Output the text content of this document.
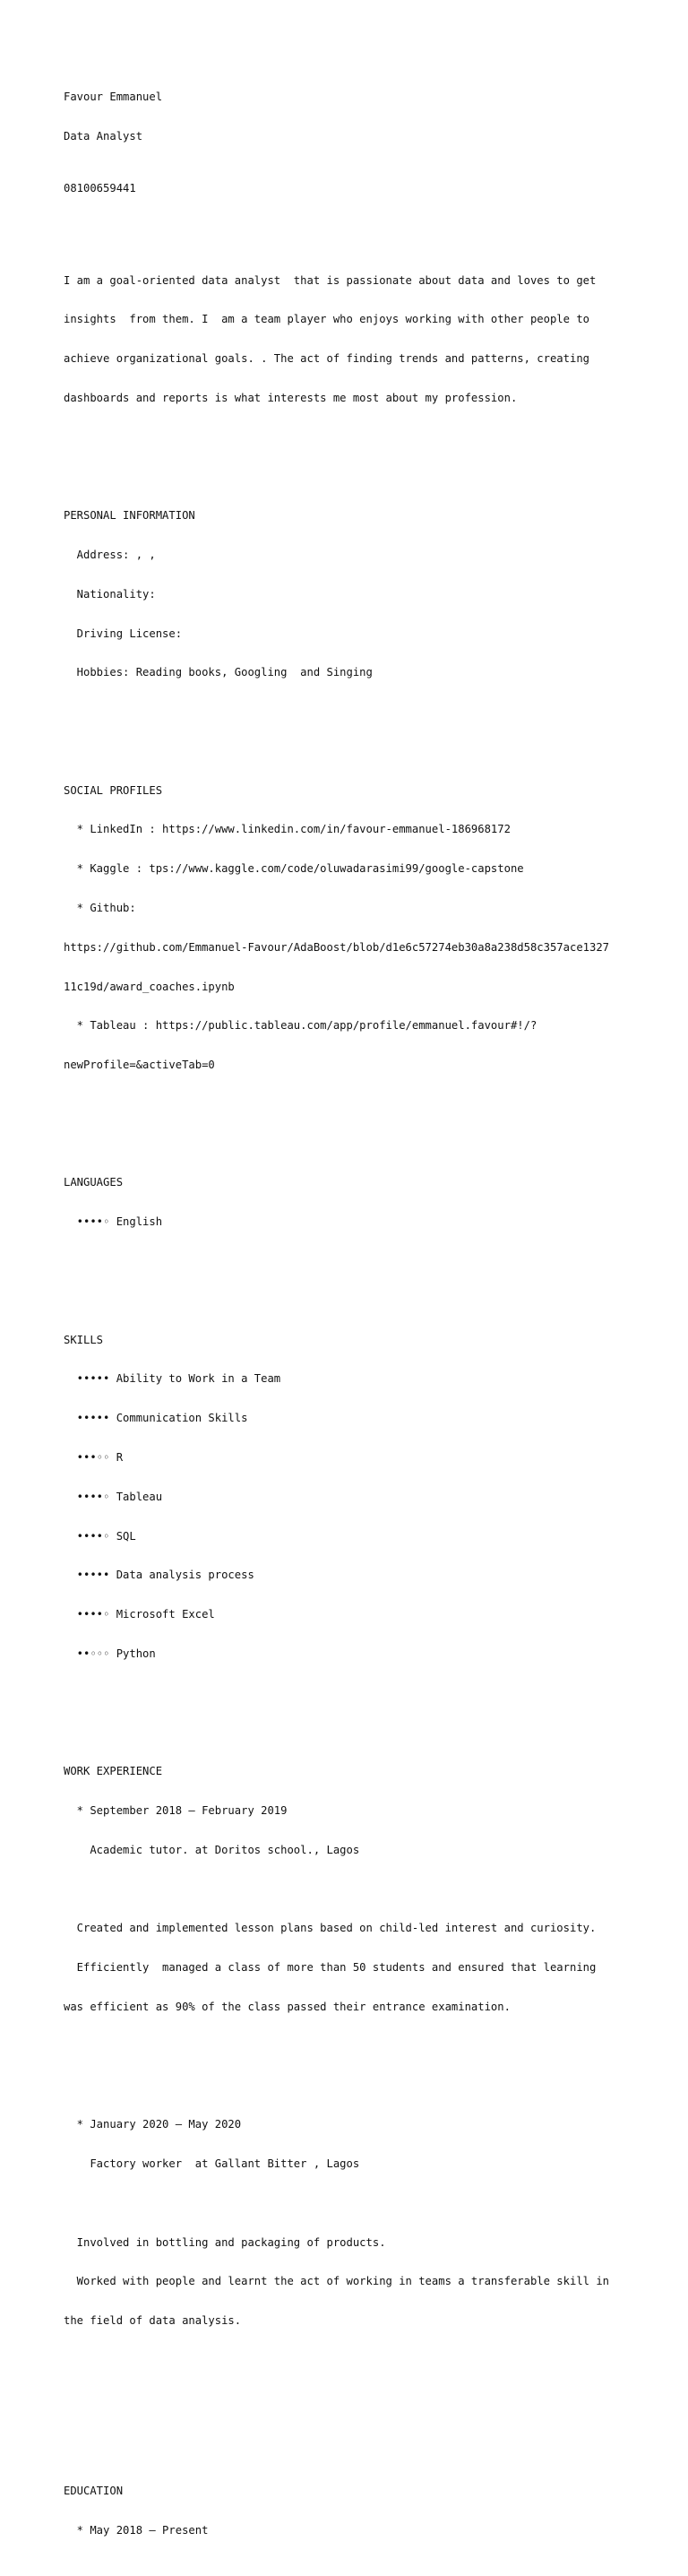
Favour Emmanuel

Data Analyst

08100659441

I am a goal-oriented data analyst  that is passionate about data and loves to get

insights  from them. I  am a team player who enjoys working with other people to

achieve organizational goals. . The act of finding trends and patterns, creating

dashboards and reports is what interests me most about my profession.

PERSONAL INFORMATION

Address: , ,

Nationality:

Driving License:

Hobbies: Reading books, Googling  and Singing

SOCIAL PROFILES

* LinkedIn : https://www.linkedin.com/in/favour-emmanuel-186968172

* Kaggle : tps://www.kaggle.com/code/oluwadarasimi99/google-capstone

* Github:

https://github.com/Emmanuel-Favour/AdaBoost/blob/d1e6c57274eb30a8a238d58c357ace1327

11c19d/award_coaches.ipynb

* Tableau : https://public.tableau.com/app/profile/emmanuel.favour#!/?

newProfile=&activeTab=0

LANGUAGES

••••◦ English

SKILLS

••••• Ability to Work in a Team

••••• Communication Skills

•••◦◦ R

••••◦ Tableau

••••◦ SQL

••••• Data analysis process

••••◦ Microsoft Excel

••◦◦◦ Python

WORK EXPERIENCE

* September 2018 – February 2019

Academic tutor. at Doritos school., Lagos

Created and implemented lesson plans based on child-led interest and curiosity.

Efficiently  managed a class of more than 50 students and ensured that learning

was efficient as 90% of the class passed their entrance examination.

* January 2020 – May 2020

Factory worker  at Gallant Bitter , Lagos

Involved in bottling and packaging of products.

Worked with people and learnt the act of working in teams a transferable skill in

the field of data analysis.

EDUCATION

* May 2018 – Present
